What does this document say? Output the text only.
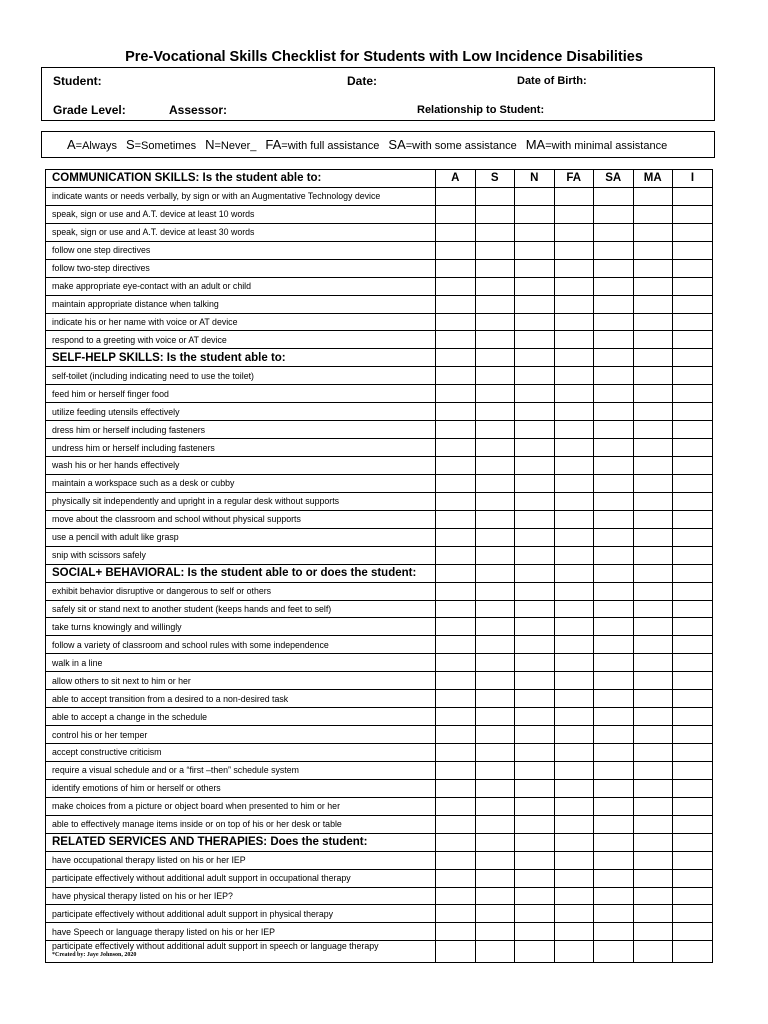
Pre-Vocational Skills Checklist for Students with Low Incidence Disabilities
Student:	Date:	Date of Birth:
Grade Level:	Assessor:	Relationship to Student:
A=Always S=Sometimes N=Never_ FA=with full assistance SA=with some assistance MA=with minimal assistance
COMMUNICATION SKILLS: Is the student able to:	A	S	N	FA	SA	MA	I
indicate wants or needs verbally, by sign or with an Augmentative Technology device							
speak, sign or use and A.T. device at least 10 words							
speak, sign or use and A.T. device at least 30 words							
follow one step directives							
follow two-step directives							
make appropriate eye-contact with an adult or child							
maintain appropriate distance when talking							
indicate his or her name with voice or AT device							
respond to a greeting with voice or AT device							
SELF-HELP SKILLS: Is the student able to:							
self-toilet (including indicating need to use the toilet)							
feed him or herself finger food							
utilize feeding utensils effectively							
dress him or herself including fasteners							
undress him or herself including fasteners							
wash his or her hands effectively							
maintain a workspace such as a desk or cubby							
physically sit independently and upright in a regular desk without supports							
move about the classroom and school without physical supports							
use a pencil with adult like grasp							
snip with scissors safely							
SOCIAL+ BEHAVIORAL: Is the student able to or does the student:							
exhibit behavior disruptive or dangerous to self or others							
safely sit or stand next to another student (keeps hands and feet to self)							
take turns knowingly and willingly							
follow a variety of classroom and school rules with some independence							
walk in a line							
allow others to sit next to him or her							
able to accept transition from a desired to a non-desired task							
able to accept a change in the schedule							
control his or her temper							
accept constructive criticism							
require a visual schedule and or a “first –then” schedule system							
identify emotions of him or herself or others							
make choices from a picture or object board when presented to him or her							
able to effectively manage items inside or on top of his or her desk or table							
RELATED SERVICES AND THERAPIES: Does the student:							
have occupational therapy listed on his or her IEP							
participate effectively without additional adult support in occupational therapy							
have physical therapy listed on his or her IEP?							
participate effectively without additional adult support in physical therapy							
have Speech or language therapy listed on his or her IEP							
participate effectively without additional adult support in speech or language therapy
*Created by: Jaye Johnson, 2020							
